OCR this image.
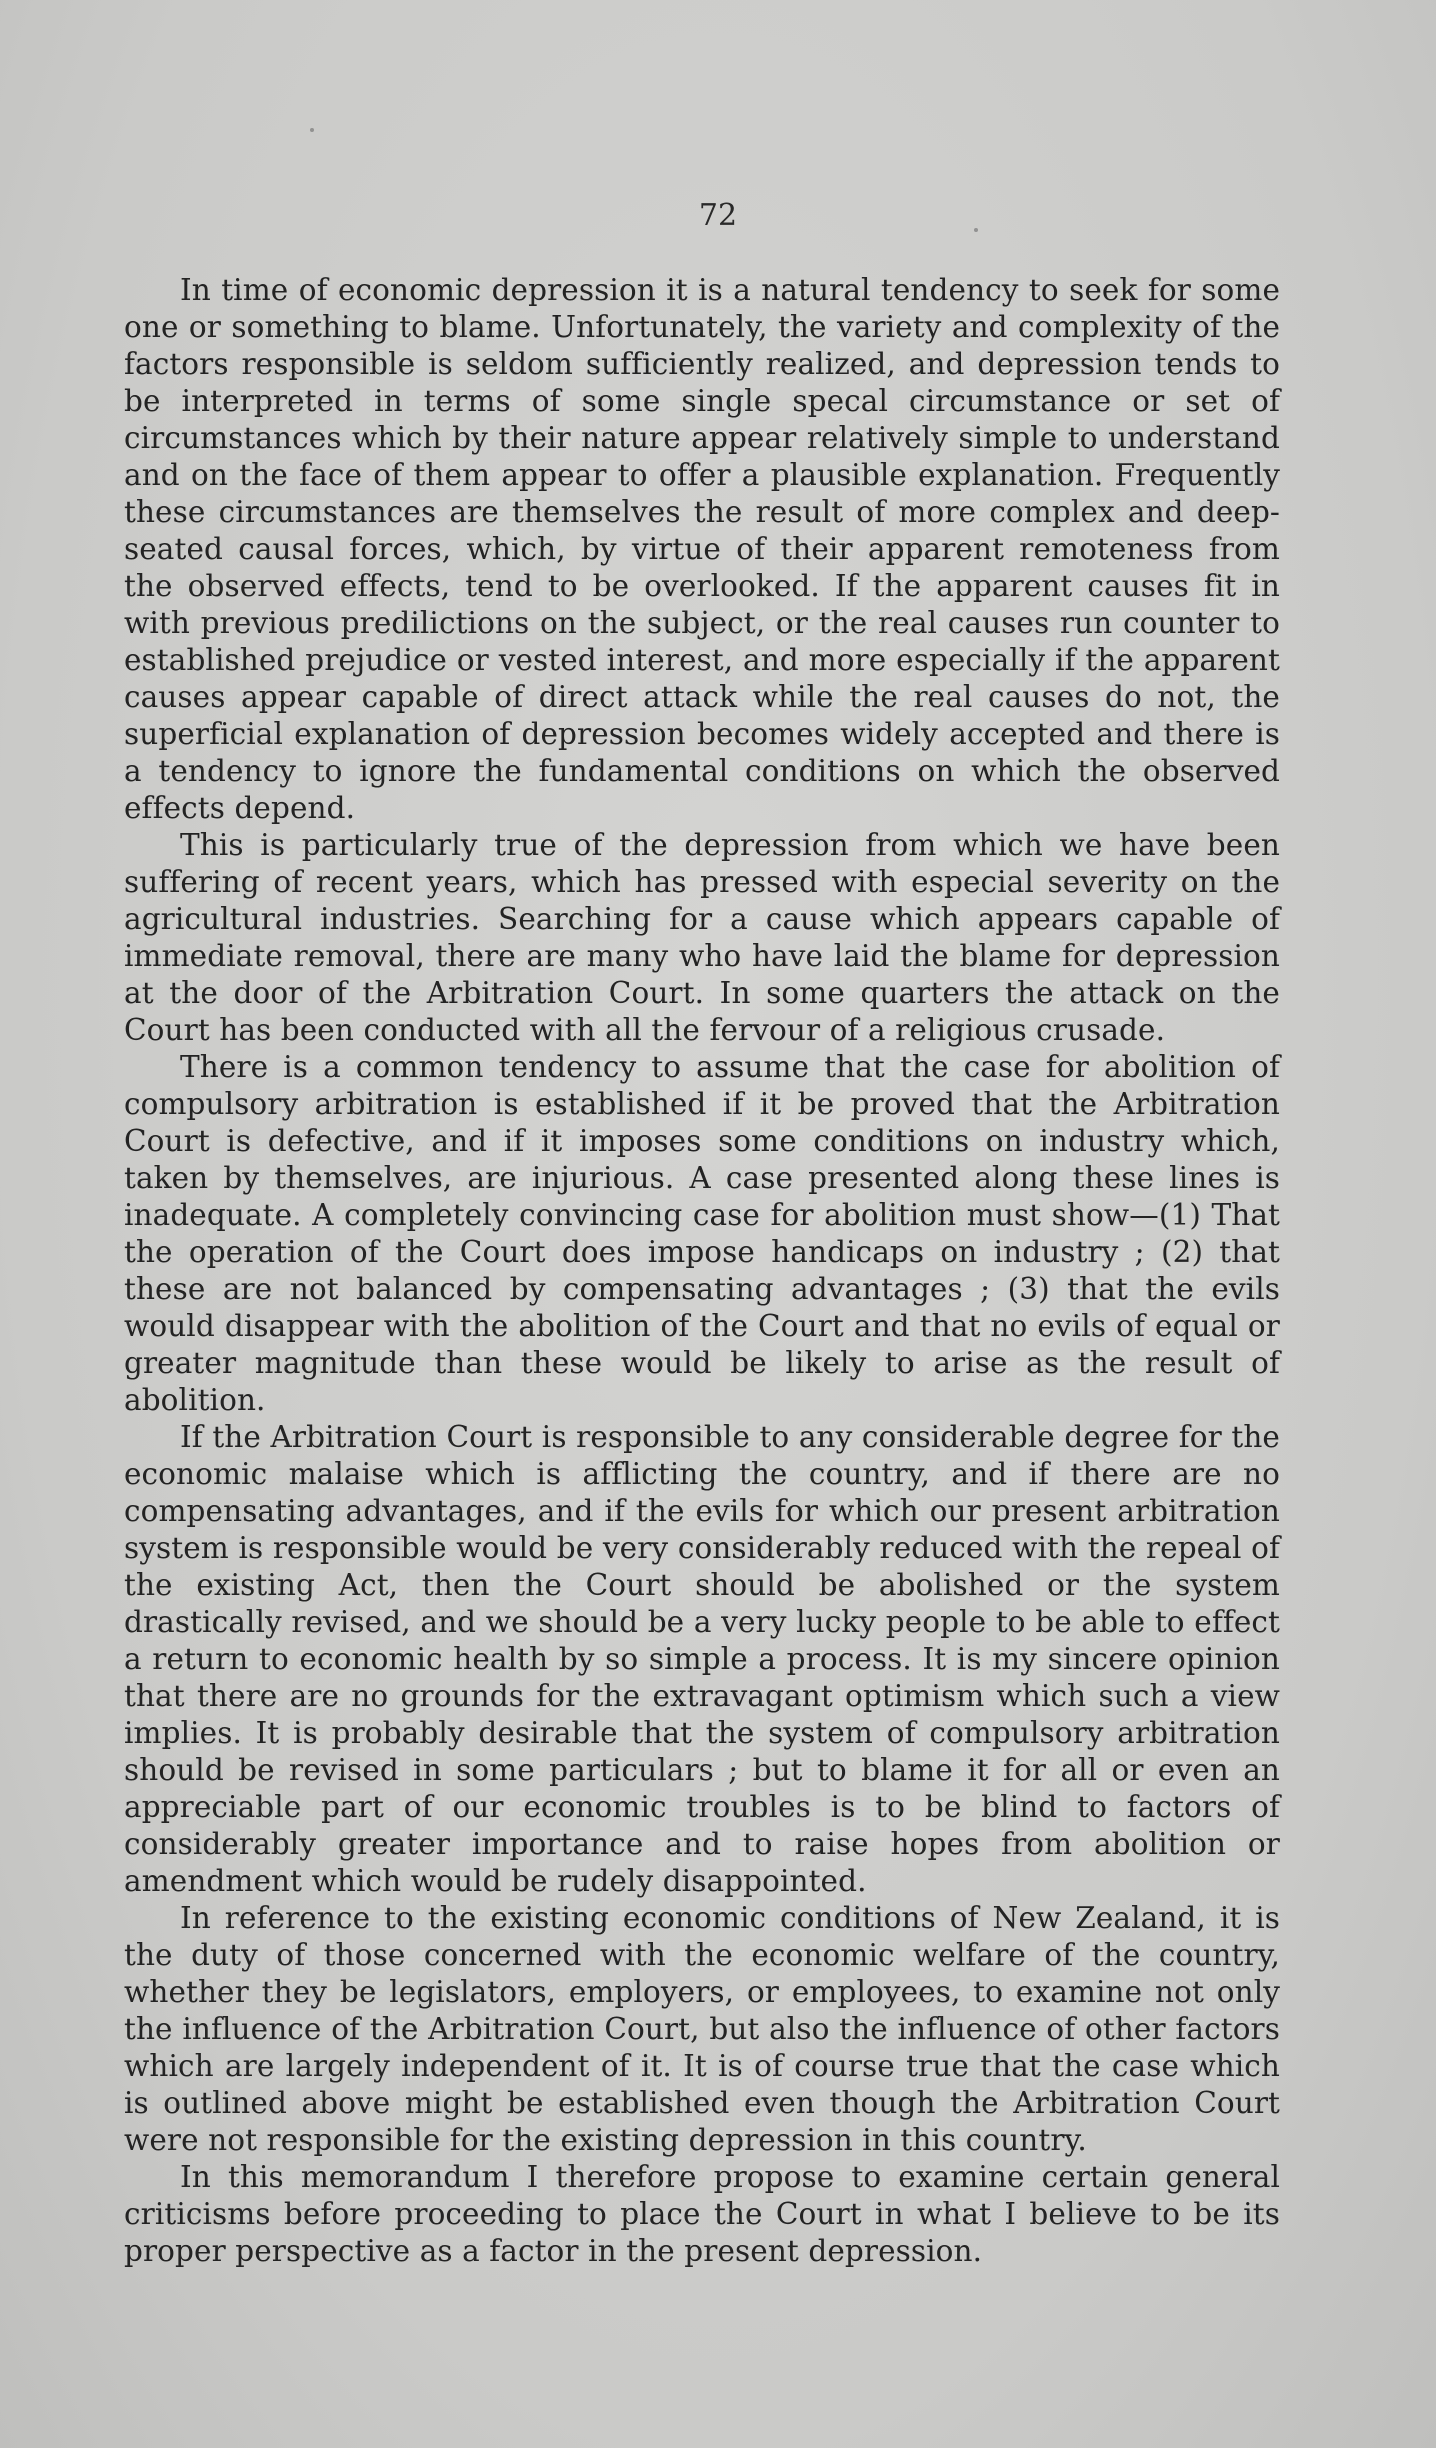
72

In time of economic depression it is a natural tendency to seek for some one or something to blame. Unfortunately, the variety and complexity of the factors responsible is seldom sufficiently realized, and depression tends to be interpreted in terms of some single specal circumstance or set of circumstances which by their nature appear relatively simple to understand and on the face of them appear to offer a plausible explanation. Frequently these circumstances are themselves the result of more complex and deep-seated causal forces, which, by virtue of their apparent remoteness from the observed effects, tend to be overlooked. If the apparent causes fit in with previous predilictions on the subject, or the real causes run counter to established prejudice or vested interest, and more especially if the apparent causes appear capable of direct attack while the real causes do not, the superficial explanation of depression becomes widely accepted and there is a tendency to ignore the fundamental conditions on which the observed effects depend.

This is particularly true of the depression from which we have been suffering of recent years, which has pressed with especial severity on the agricultural industries. Searching for a cause which appears capable of immediate removal, there are many who have laid the blame for depression at the door of the Arbitration Court. In some quarters the attack on the Court has been conducted with all the fervour of a religious crusade.

There is a common tendency to assume that the case for abolition of compulsory arbitration is established if it be proved that the Arbitration Court is defective, and if it imposes some conditions on industry which, taken by themselves, are injurious. A case presented along these lines is inadequate. A completely convincing case for abolition must show—(1) That the operation of the Court does impose handicaps on industry ; (2) that these are not balanced by compensating advantages ; (3) that the evils would disappear with the abolition of the Court and that no evils of equal or greater magnitude than these would be likely to arise as the result of abolition.

If the Arbitration Court is responsible to any considerable degree for the economic malaise which is afflicting the country, and if there are no compensating advantages, and if the evils for which our present arbitration system is responsible would be very considerably reduced with the repeal of the existing Act, then the Court should be abolished or the system drastically revised, and we should be a very lucky people to be able to effect a return to economic health by so simple a process. It is my sincere opinion that there are no grounds for the extravagant optimism which such a view implies. It is probably desirable that the system of compulsory arbitration should be revised in some particulars ; but to blame it for all or even an appreciable part of our economic troubles is to be blind to factors of considerably greater importance and to raise hopes from abolition or amendment which would be rudely disappointed.

In reference to the existing economic conditions of New Zealand, it is the duty of those concerned with the economic welfare of the country, whether they be legislators, employers, or employees, to examine not only the influence of the Arbitration Court, but also the influence of other factors which are largely independent of it. It is of course true that the case which is outlined above might be established even though the Arbitration Court were not responsible for the existing depression in this country.

In this memorandum I therefore propose to examine certain general criticisms before proceeding to place the Court in what I believe to be its proper perspective as a factor in the present depression.
